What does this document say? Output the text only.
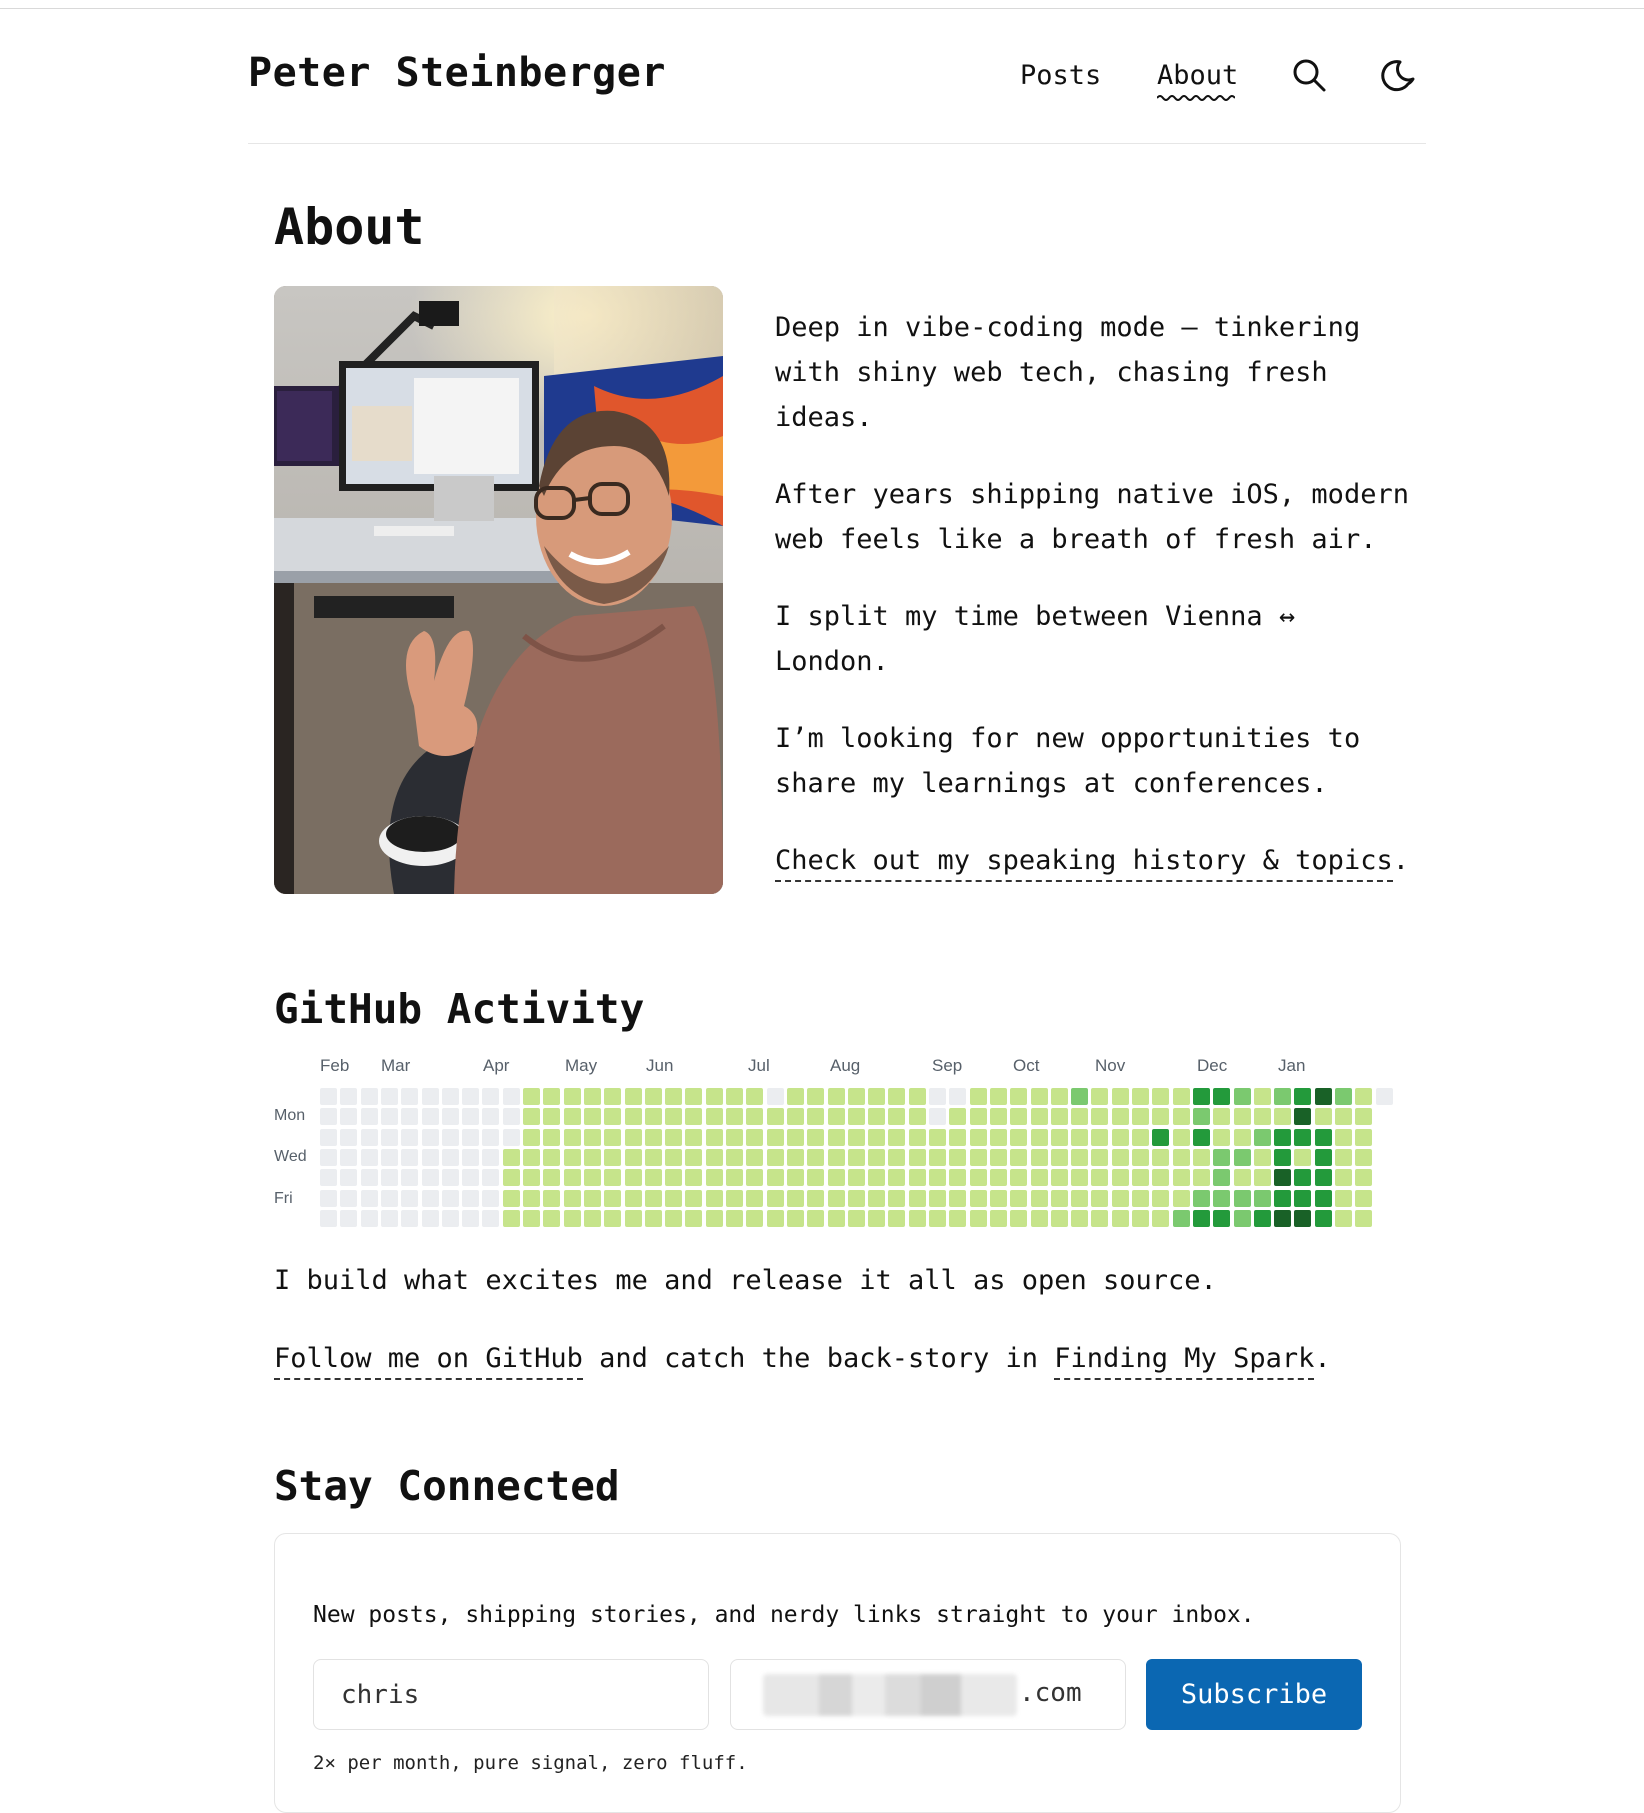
Peter Steinberger	Posts About
About

Deep in vibe-coding mode — tinkering with shiny web tech, chasing fresh ideas.

After years shipping native iOS, modern web feels like a breath of fresh air.

I split my time between Vienna ↔ London.

I’m looking for new opportunities to share my learnings at conferences.

Check out my speaking history & topics.

GitHub Activity
Feb Mar	Apr	May	Jun	Jul	Aug	Sep	Oct	Nov	Dec	Jan
Mon
Wed
Fri

I build what excites me and release it all as open source.

Follow me on GitHub and catch the back-story in Finding My Spark.

Stay Connected

New posts, shipping stories, and nerdy links straight to your inbox.

chris
.com	Subscribe

2× per month, pure signal, zero fluff.
